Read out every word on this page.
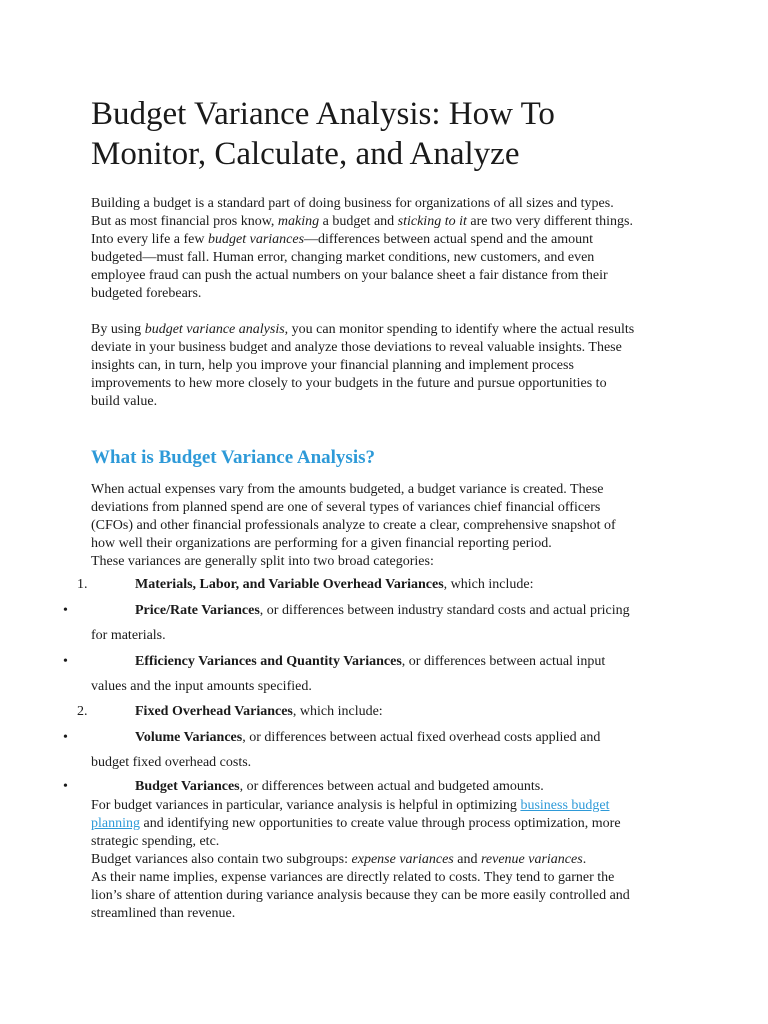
Budget Variance Analysis: How To
Monitor, Calculate, and Analyze
Building a budget is a standard part of doing business for organizations of all sizes and types.
But as most financial pros know, making a budget and sticking to it are two very different things.
Into every life a few budget variances—differences between actual spend and the amount
budgeted—must fall. Human error, changing market conditions, new customers, and even
employee fraud can push the actual numbers on your balance sheet a fair distance from their
budgeted forebears.
By using budget variance analysis, you can monitor spending to identify where the actual results
deviate in your business budget and analyze those deviations to reveal valuable insights. These
insights can, in turn, help you improve your financial planning and implement process
improvements to hew more closely to your budgets in the future and pursue opportunities to
build value.
What is Budget Variance Analysis?
When actual expenses vary from the amounts budgeted, a budget variance is created. These
deviations from planned spend are one of several types of variances chief financial officers
(CFOs) and other financial professionals analyze to create a clear, comprehensive snapshot of
how well their organizations are performing for a given financial reporting period.
These variances are generally split into two broad categories:
1.	Materials, Labor, and Variable Overhead Variances, which include:
•	Price/Rate Variances, or differences between industry standard costs and actual pricing
for materials.
•	Efficiency Variances and Quantity Variances, or differences between actual input
values and the input amounts specified.
2.	Fixed Overhead Variances, which include:
•	Volume Variances, or differences between actual fixed overhead costs applied and
budget fixed overhead costs.
•	Budget Variances, or differences between actual and budgeted amounts.
For budget variances in particular, variance analysis is helpful in optimizing business budget
planning and identifying new opportunities to create value through process optimization, more
strategic spending, etc.
Budget variances also contain two subgroups: expense variances and revenue variances.
As their name implies, expense variances are directly related to costs. They tend to garner the
lion’s share of attention during variance analysis because they can be more easily controlled and
streamlined than revenue.
